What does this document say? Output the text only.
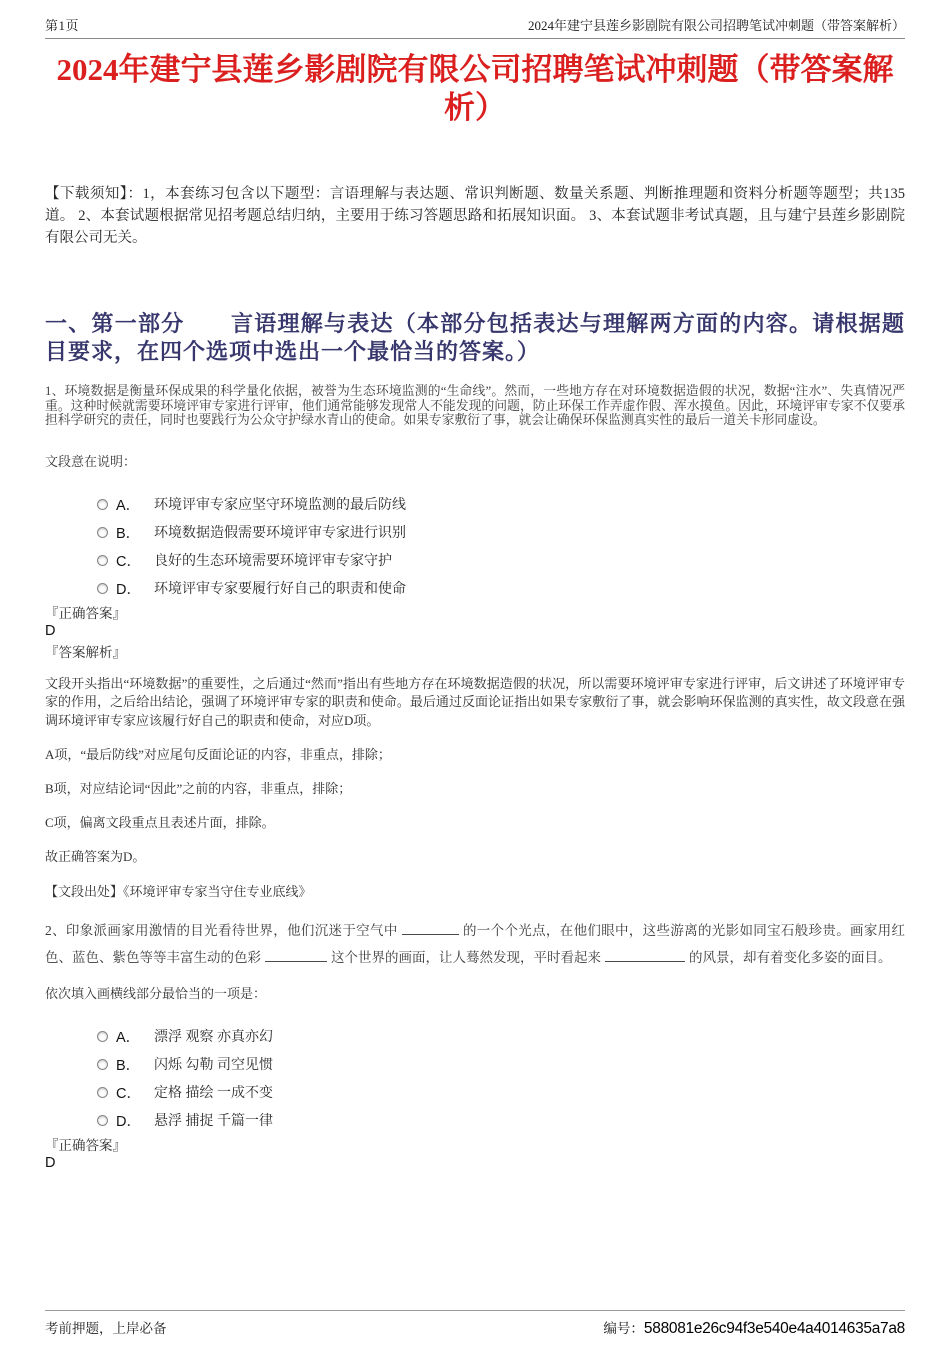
第1页	2024年建宁县莲乡影剧院有限公司招聘笔试冲刺题（带答案解析）
2024年建宁县莲乡影剧院有限公司招聘笔试冲刺题（带答案解析）

【下载须知】：1，本套练习包含以下题型：言语理解与表达题、常识判断题、数量关系题、判断推理题和资料分析题等题型；共135道。 2、本套试题根据常见招考题总结归纳，主要用于练习答题思路和拓展知识面。 3、本套试题非考试真题，且与建宁县莲乡影剧院有限公司无关。

一、第一部分　　言语理解与表达（本部分包括表达与理解两方面的内容。请根据题目要求，在四个选项中选出一个最恰当的答案。）

1、环境数据是衡量环保成果的科学量化依据，被誉为生态环境监测的“生命线”。然而，一些地方存在对环境数据造假的状况，数据“注水”、失真情况严重。这种时候就需要环境评审专家进行评审，他们通常能够发现常人不能发现的问题，防止环保工作弄虚作假、浑水摸鱼。因此，环境评审专家不仅要承担科学研究的责任，同时也要践行为公众守护绿水青山的使命。如果专家敷衍了事，就会让确保环保监测真实性的最后一道关卡形同虚设。

文段意在说明：

A． 环境评审专家应坚守环境监测的最后防线
B． 环境数据造假需要环境评审专家进行识别
C． 良好的生态环境需要环境评审专家守护
D． 环境评审专家要履行好自己的职责和使命
『正确答案』
D
『答案解析』

文段开头指出“环境数据”的重要性，之后通过“然而”指出有些地方存在环境数据造假的状况，所以需要环境评审专家进行评审，后文讲述了环境评审专家的作用，之后给出结论，强调了环境评审专家的职责和使命。最后通过反面论证指出如果专家敷衍了事，就会影响环保监测的真实性，故文段意在强调环境评审专家应该履行好自己的职责和使命，对应D项。

A项，“最后防线”对应尾句反面论证的内容，非重点，排除；

B项，对应结论词“因此”之前的内容，非重点，排除；

C项，偏离文段重点且表述片面，排除。

故正确答案为D。

【文段出处】《环境评审专家当守住专业底线》

2、印象派画家用激情的目光看待世界，他们沉迷于空气中	的一个个光点，在他们眼中，这些游离的光影如同宝石般珍贵。画家用红色、蓝色、紫色等等丰富生动的色彩	这个世界的画面，让人蓦然发现，平时看起来	的风景，却有着变化多姿的面目。

依次填入画横线部分最恰当的一项是：

A． 漂浮 观察 亦真亦幻
B． 闪烁 勾勒 司空见惯
C． 定格 描绘 一成不变
D． 悬浮 捕捉 千篇一律
『正确答案』
D
考前押题，上岸必备	编号：588081e26c94f3e540e4a4014635a7a8
